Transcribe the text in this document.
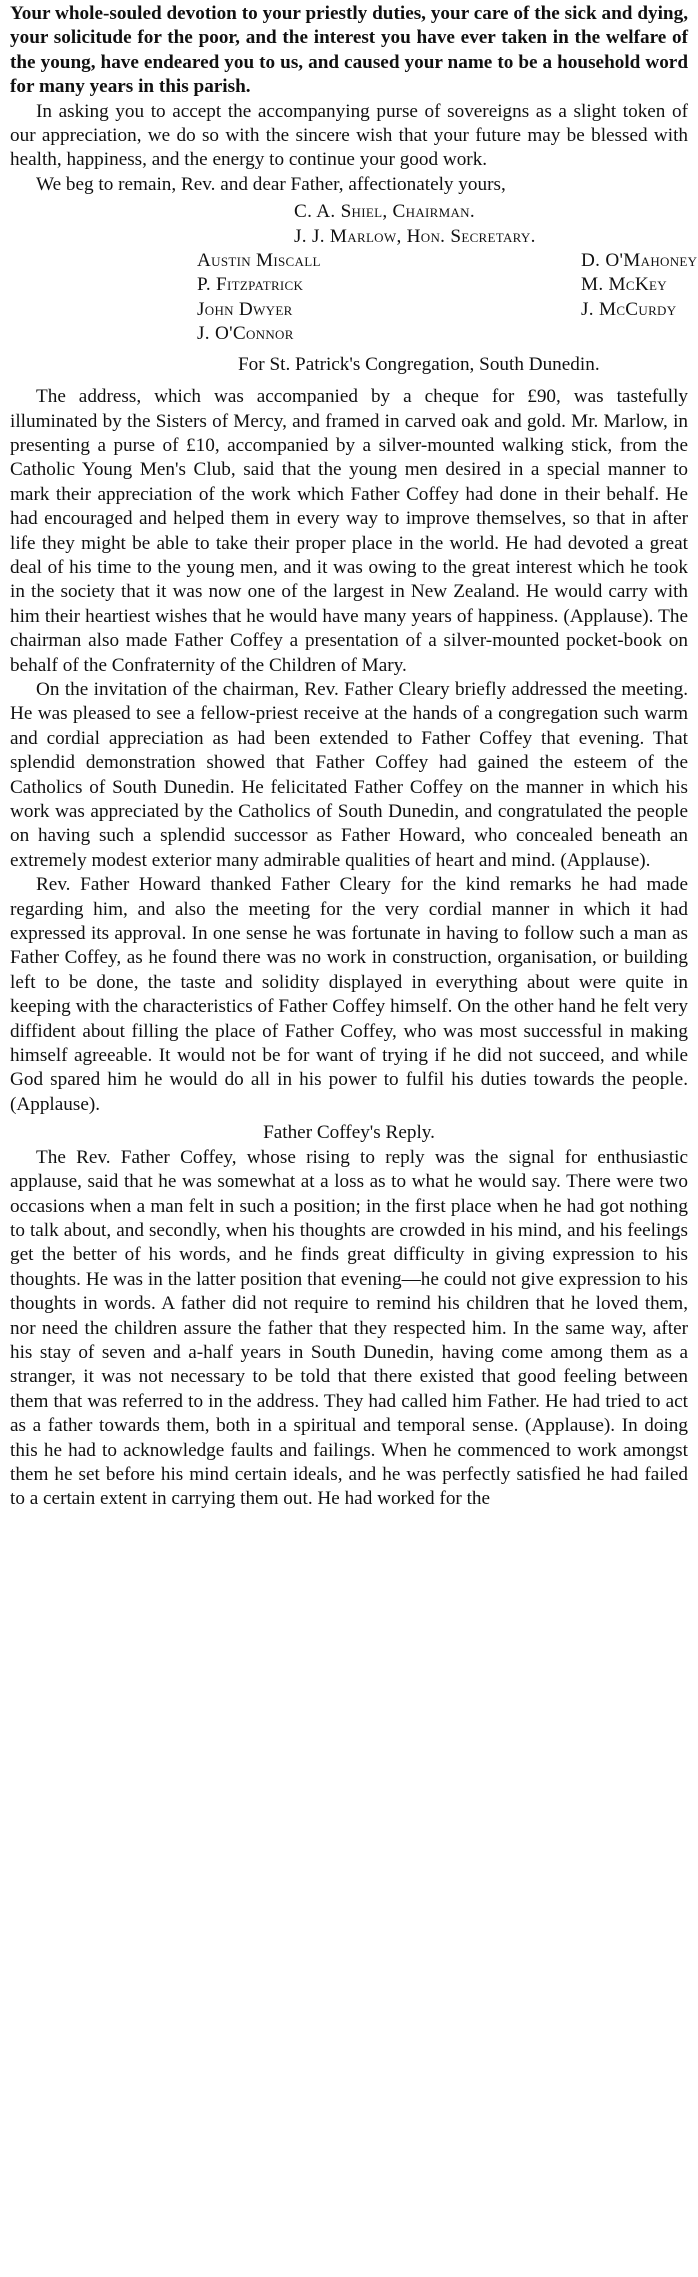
Your whole-souled devotion to your priestly duties, your care of the sick and dying, your solicitude for the poor, and the interest you have ever taken in the welfare of the young, have endeared you to us, and caused your name to be a household word for many years in this parish.

In asking you to accept the accompanying purse of sovereigns as a slight token of our appreciation, we do so with the sincere wish that your future may be blessed with health, happiness, and the energy to continue your good work.

We beg to remain, Rev. and dear Father, affectionately yours,

C. A. Shiel, Chairman.

J. J. Marlow, Hon. Secretary.

Austin Miscall	D. O'Mahoney
P. Fitzpatrick	M. McKey
John Dwyer	J. McCurdy
J. O'Connor

For St. Patrick's Congregation, South Dunedin.

The address, which was accompanied by a cheque for £90, was tastefully illuminated by the Sisters of Mercy, and framed in carved oak and gold. Mr. Marlow, in presenting a purse of £10, accompanied by a silver-mounted walking stick, from the Catholic Young Men's Club, said that the young men desired in a special manner to mark their appreciation of the work which Father Coffey had done in their behalf. He had encouraged and helped them in every way to improve themselves, so that in after life they might be able to take their proper place in the world. He had devoted a great deal of his time to the young men, and it was owing to the great interest which he took in the society that it was now one of the largest in New Zealand. He would carry with him their heartiest wishes that he would have many years of happiness. (Applause). The chairman also made Father Coffey a presentation of a silver-mounted pocket-book on behalf of the Confraternity of the Children of Mary.

On the invitation of the chairman, Rev. Father Cleary briefly addressed the meeting. He was pleased to see a fellow-priest receive at the hands of a congregation such warm and cordial appreciation as had been extended to Father Coffey that evening. That splendid demonstration showed that Father Coffey had gained the esteem of the Catholics of South Dunedin. He felicitated Father Coffey on the manner in which his work was appreciated by the Catholics of South Dunedin, and congratulated the people on having such a splendid successor as Father Howard, who concealed beneath an extremely modest exterior many admirable qualities of heart and mind. (Applause).

Rev. Father Howard thanked Father Cleary for the kind remarks he had made regarding him, and also the meeting for the very cordial manner in which it had expressed its approval. In one sense he was fortunate in having to follow such a man as Father Coffey, as he found there was no work in construction, organisation, or building left to be done, the taste and solidity displayed in everything about were quite in keeping with the characteristics of Father Coffey himself. On the other hand he felt very diffident about filling the place of Father Coffey, who was most successful in making himself agreeable. It would not be for want of trying if he did not succeed, and while God spared him he would do all in his power to fulfil his duties towards the people. (Applause).

Father Coffey's Reply.

The Rev. Father Coffey, whose rising to reply was the signal for enthusiastic applause, said that he was somewhat at a loss as to what he would say. There were two occasions when a man felt in such a position; in the first place when he had got nothing to talk about, and secondly, when his thoughts are crowded in his mind, and his feelings get the better of his words, and he finds great difficulty in giving expression to his thoughts. He was in the latter position that evening—he could not give expression to his thoughts in words. A father did not require to remind his children that he loved them, nor need the children assure the father that they respected him. In the same way, after his stay of seven and a-half years in South Dunedin, having come among them as a stranger, it was not necessary to be told that there existed that good feeling between them that was referred to in the address. They had called him Father. He had tried to act as a father towards them, both in a spiritual and temporal sense. (Applause). In doing this he had to acknowledge faults and failings. When he commenced to work amongst them he set before his mind certain ideals, and he was perfectly satisfied he had failed to a certain extent in carrying them out. He had worked for the
